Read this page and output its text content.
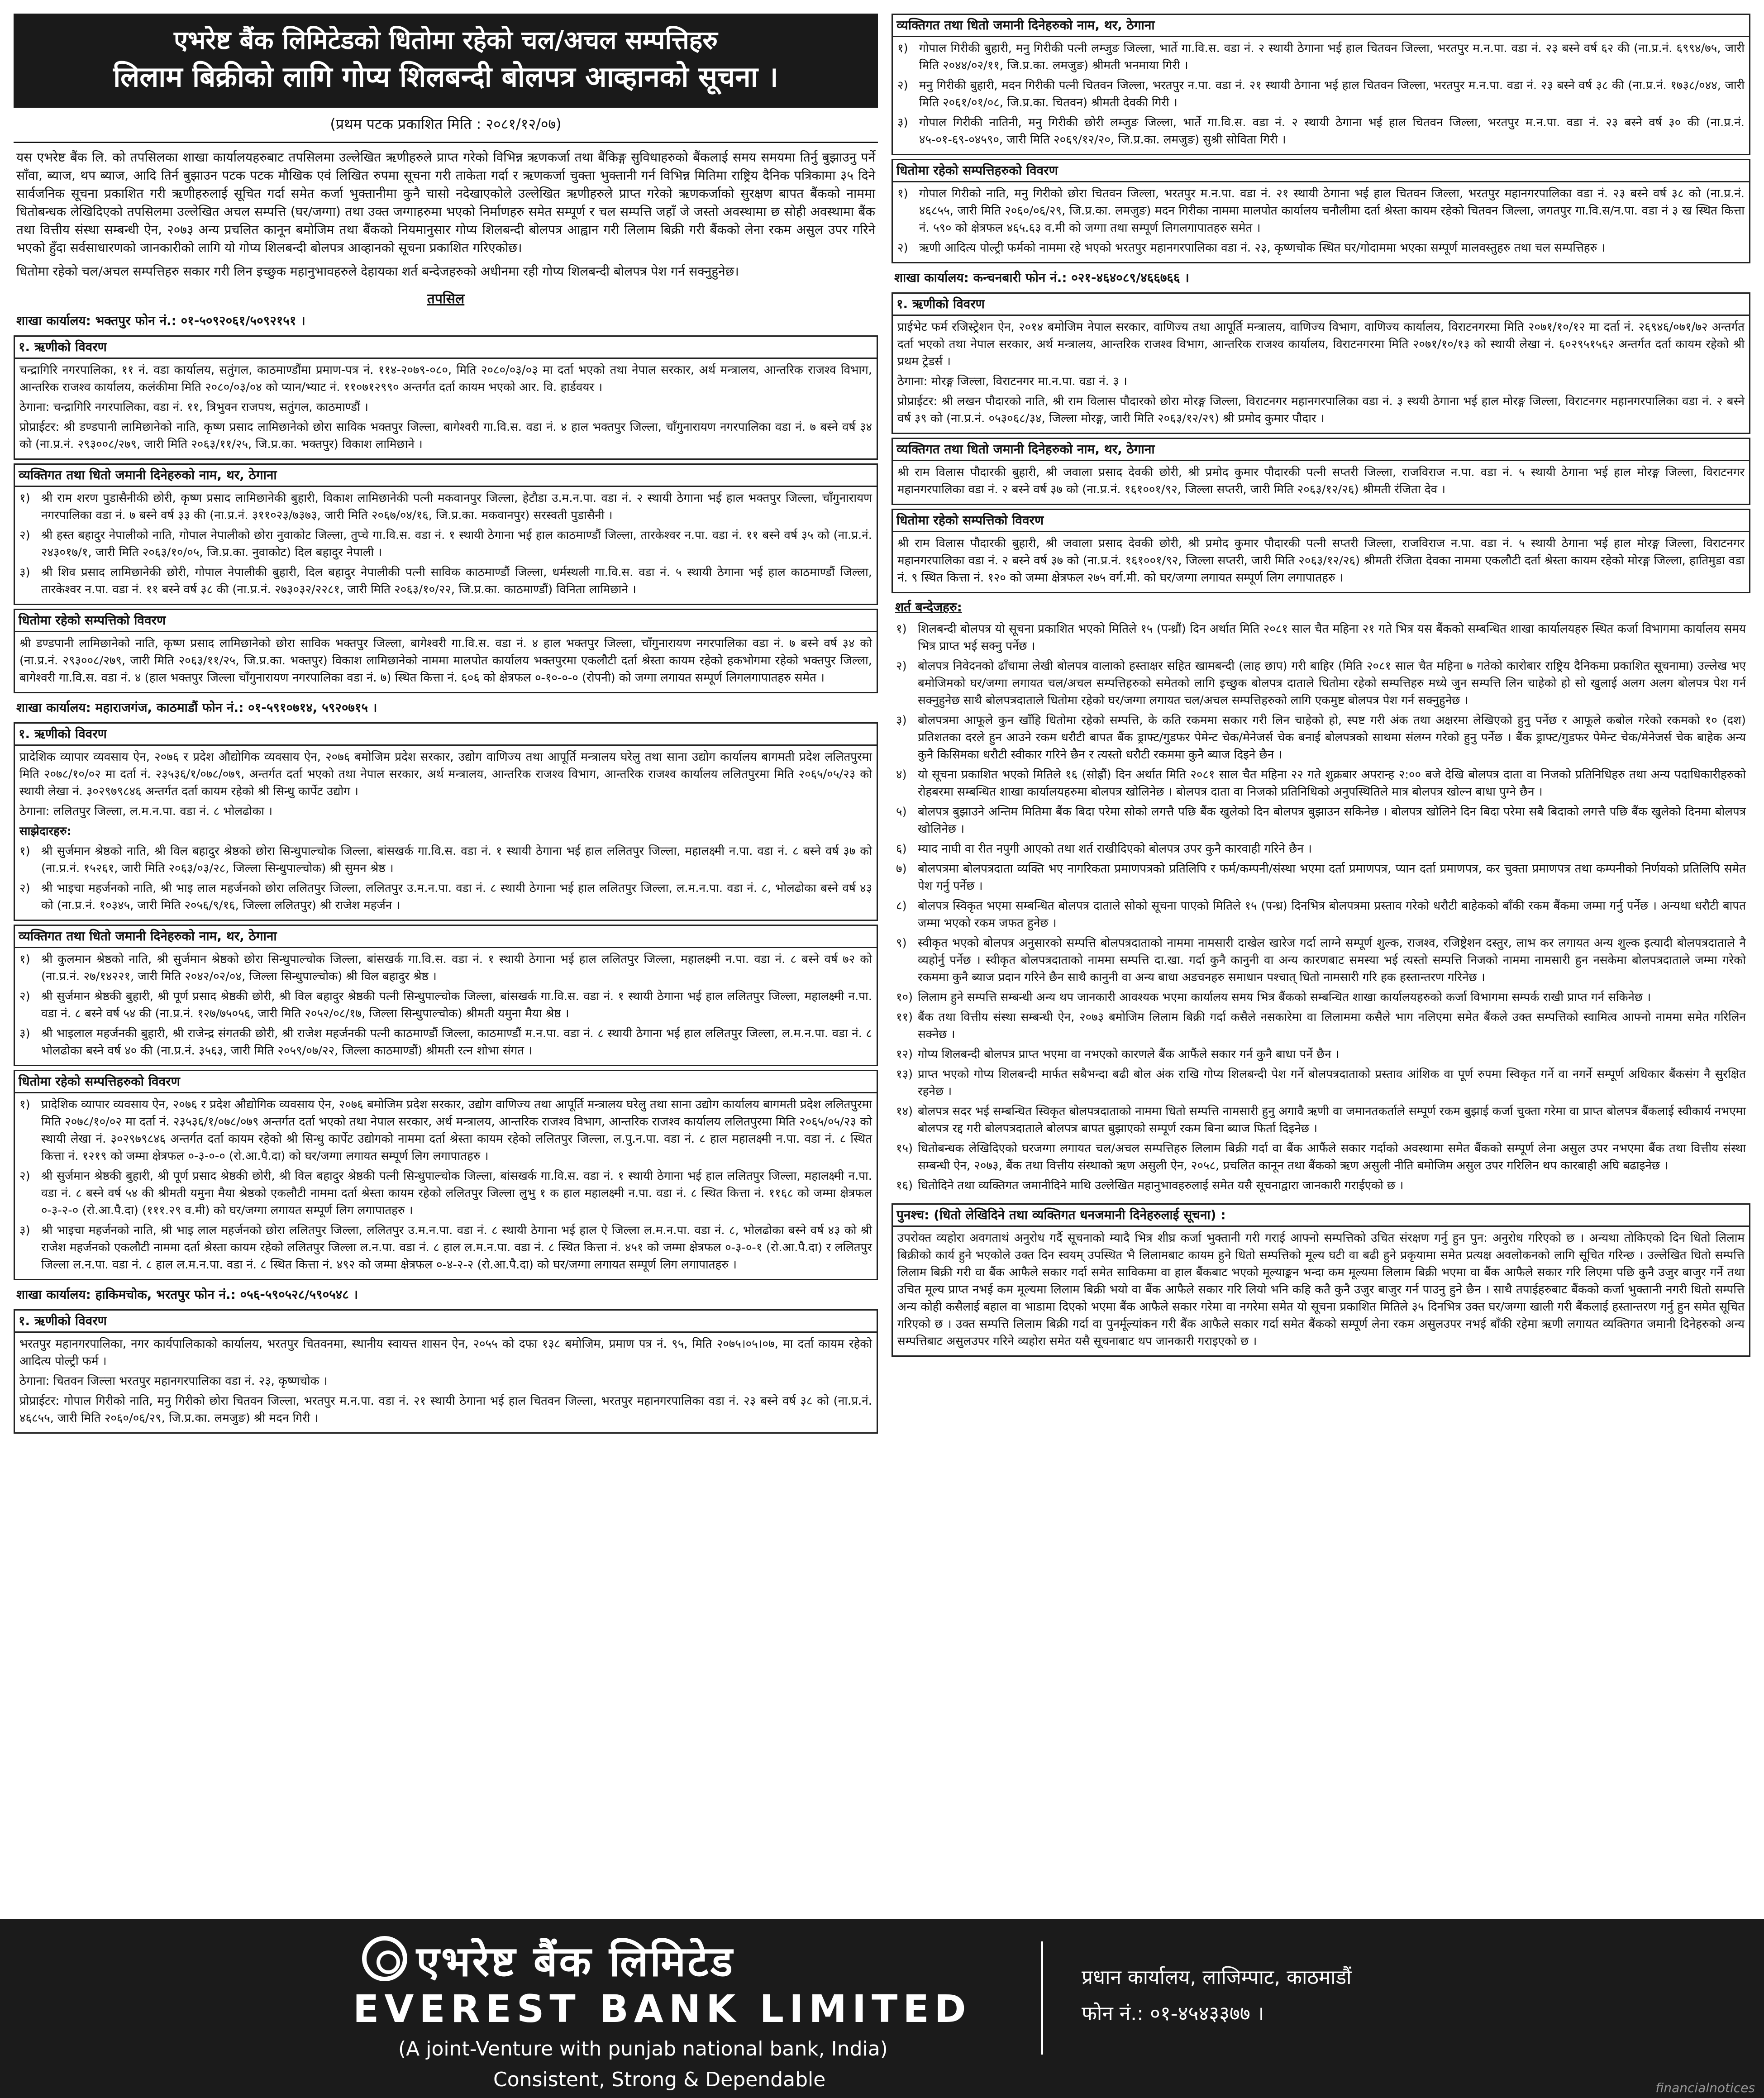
एभरेष्ट बैंक लिमिटेडको धितोमा रहेको चल/अचल सम्पत्तिहरु
लिलाम बिक्रीको लागि गोप्य शिलबन्दी बोलपत्र आव्हानको सूचना ।
(प्रथम पटक प्रकाशित मिति : २०८१/१२/०७)
यस एभरेष्ट बैंक लि. को तपसिलका शाखा कार्यालयहरुबाट तपसिलमा उल्लेखित ऋणीहरुले प्राप्त गरेको विभिन्न ऋणकर्जा तथा बैंकिङ्ग सुविधाहरुको बैंकलाई समय समयमा तिर्नु बुझाउनु पर्ने साँवा, ब्याज, थप ब्याज, आदि तिर्न बुझाउन पटक पटक मौखिक एवं लिखित रुपमा सूचना गरी ताकेता गर्दा र ऋणकर्जा चुक्ता भुक्तानी गर्न विभिन्न मितिमा राष्ट्रिय दैनिक पत्रिकामा ३५ दिने सार्वजनिक सूचना प्रकाशित गरी ऋणीहरुलाई सूचित गर्दा समेत कर्जा भुक्तानीमा कुनै चासो नदेखाएकोले उल्लेखित ऋणीहरुले प्राप्त गरेको ऋणकर्जाको सुरक्षण बापत बैंकको नाममा धितोबन्धक लेखिदिएको तपसिलमा उल्लेखित अचल सम्पत्ति (घर/जग्गा) तथा उक्त जग्गाहरुमा भएको निर्माणहरु समेत सम्पूर्ण र चल सम्पत्ति जहाँ जे जस्तो अवस्थामा छ सोही अवस्थामा बैंक तथा वित्तीय संस्था सम्बन्धी ऐन, २०७३ अन्य प्रचलित कानून बमोजिम तथा बैंकको नियमानुसार गोप्य शिलबन्दी बोलपत्र आह्वान गरी लिलाम बिक्री गरी बैंकको लेना रकम असुल उपर गरिने भएको हुँदा सर्वसाधारणको जानकारीको लागि यो गोप्य शिलबन्दी बोलपत्र आव्हानको सूचना प्रकाशित गरिएकोछ।
धितोमा रहेको चल/अचल सम्पत्तिहरु सकार गरी लिन इच्छुक महानुभावहरुले देहायका शर्त बन्देजहरुको अधीनमा रही गोप्य शिलबन्दी बोलपत्र पेश गर्न सक्नुहुनेछ।
तपसिल
शाखा कार्यालय: भक्तपुर फोन नं.: ०१-५०९२०६१/५०९२१५१ ।
१. ऋणीको विवरण

चन्द्रागिरि नगरपालिका, ११ नं. वडा कार्यालय, सतुंगल, काठमाण्डौंमा प्रमाण-पत्र नं. ११४-२०७९-०८०, मिति २०८०/०३/०३ मा दर्ता भएको तथा नेपाल सरकार, अर्थ मन्त्रालय, आन्तरिक राजश्व विभाग, आन्तरिक राजश्व कार्यालय, कलंकीमा मिति २०८०/०३/०४ को प्यान/भ्याट नं. ११०७१२९९० अन्तर्गत दर्ता कायम भएको आर. वि. हार्डवयर ।

ठेगाना: चन्द्रागिरि नगरपालिका, वडा नं. ११, त्रिभुवन राजपथ, सतुंगल, काठमाण्डौं ।

प्रोप्राईटर: श्री डण्डपानी लामिछानेको नाति, कृष्ण प्रसाद लामिछानेको छोरा साविक भक्तपुर जिल्ला, बागेश्वरी गा.वि.स. वडा नं. ४ हाल भक्तपुर जिल्ला, चाँगुनारायण नगरपालिका वडा नं. ७ बस्ने वर्ष ३४ को (ना.प्र.नं. २९३००८/२७९, जारी मिति २०६३/११/२५, जि.प्र.का. भक्तपुर) विकाश लामिछाने ।

व्यक्तिगत तथा धितो जमानी दिनेहरुको नाम, थर, ठेगाना
१) श्री राम शरण पुडासैनीकी छोरी, कृष्ण प्रसाद लामिछानेकी बुहारी, विकाश लामिछानेकी पत्नी मकवानपुर जिल्ला, हेटौडा उ.म.न.पा. वडा नं. २ स्थायी ठेगाना भई हाल भक्तपुर जिल्ला, चाँगुनारायण नगरपालिका वडा नं. ७ बस्ने वर्ष ३३ की (ना.प्र.नं. ३११०२३/७३७३, जारी मिति २०६७/०४/१६, जि.प्र.का. मकवानपुर) सरस्वती पुडासैनी ।
२) श्री हस्त बहादुर नेपालीको नाति, गोपाल नेपालीको छोरा नुवाकोट जिल्ला, तुप्चे गा.वि.स. वडा नं. १ स्थायी ठेगाना भई हाल काठमाण्डौं जिल्ला, तारकेश्वर न.पा. वडा नं. ११ बस्ने वर्ष ३५ को (ना.प्र.नं. २४३०१७/१, जारी मिति २०६३/१०/०५, जि.प्र.का. नुवाकोट) दिल बहादुर नेपाली ।
३) श्री शिव प्रसाद लामिछानेकी छोरी, गोपाल नेपालीकी बुहारी, दिल बहादुर नेपालीकी पत्नी साविक काठमाण्डौं जिल्ला, धर्मस्थली गा.वि.स. वडा नं. ५ स्थायी ठेगाना भई हाल काठमाण्डौं जिल्ला, तारकेश्वर न.पा. वडा नं. ११ बस्ने वर्ष ३८ की (ना.प्र.नं. २७३०३२/२२८१, जारी मिति २०६३/१०/२२, जि.प्र.का. काठमाण्डौं) विनिता लामिछाने ।
धितोमा रहेको सम्पत्तिको विवरण

श्री डण्डपानी लामिछानेको नाति, कृष्ण प्रसाद लामिछानेको छोरा साविक भक्तपुर जिल्ला, बागेश्वरी गा.वि.स. वडा नं. ४ हाल भक्तपुर जिल्ला, चाँगुनारायण नगरपालिका वडा नं. ७ बस्ने वर्ष ३४ को (ना.प्र.नं. २९३००८/२७९, जारी मिति २०६३/११/२५, जि.प्र.का. भक्तपुर) विकाश लामिछानेको नाममा मालपोत कार्यालय भक्तपुरमा एकलौटी दर्ता श्रेस्ता कायम रहेको हकभोगमा रहेको भक्तपुर जिल्ला, बागेश्वरी गा.वि.स. वडा नं. ४ (हाल भक्तपुर जिल्ला चाँगुनारायण नगरपालिका वडा नं. ७) स्थित कित्ता नं. ६०६ को क्षेत्रफल ०-१०-०-० (रोपनी) को जग्गा लगायत सम्पूर्ण लिगलगापातहरु समेत ।

शाखा कार्यालय: महाराजगंज, काठमाडौं फोन नं.: ०१-५९१०७१४, ५९२०७१५ ।
१. ऋणीको विवरण

प्रादेशिक व्यापार व्यवसाय ऐन, २०७६ र प्रदेश औद्योगिक व्यवसाय ऐन, २०७६ बमोजिम प्रदेश सरकार, उद्योग वाणिज्य तथा आपूर्ति मन्त्रालय घरेलु तथा साना उद्योग कार्यालय बागमती प्रदेश ललितपुरमा मिति २०७८/१०/०२ मा दर्ता नं. २३५३६/१/०७८/०७९, अन्तर्गत दर्ता भएको तथा नेपाल सरकार, अर्थ मन्त्रालय, आन्तरिक राजश्व विभाग, आन्तरिक राजश्व कार्यालय ललितपुरमा मिति २०६५/०५/२३ को स्थायी लेखा नं. ३०२९७९८४६ अन्तर्गत दर्ता कायम रहेको श्री सिन्धु कार्पेट उद्योग ।

ठेगाना: ललितपुर जिल्ला, ल.म.न.पा. वडा नं. ८ भोलढोका ।

साझेदारहरु:

१) श्री सुर्जमान श्रेष्ठको नाति, श्री विल बहादुर श्रेष्ठको छोरा सिन्धुपाल्चोक जिल्ला, बांसखर्क गा.वि.स. वडा नं. १ स्थायी ठेगाना भई हाल ललितपुर जिल्ला, महालक्ष्मी न.पा. वडा नं. ८ बस्ने वर्ष ३७ को (ना.प्र.नं. १५२६१, जारी मिति २०६३/०३/२८, जिल्ला सिन्धुपाल्चोक) श्री सुमन श्रेष्ठ ।
२) श्री भाइचा महर्जनको नाति, श्री भाइ लाल महर्जनको छोरा ललितपुर जिल्ला, ललितपुर उ.म.न.पा. वडा नं. ८ स्थायी ठेगाना भई हाल ललितपुर जिल्ला, ल.म.न.पा. वडा नं. ८, भोलढोका बस्ने वर्ष ४३ को (ना.प्र.नं. १०३४५, जारी मिति २०५६/९/१६, जिल्ला ललितपुर) श्री राजेश महर्जन ।
व्यक्तिगत तथा धितो जमानी दिनेहरुको नाम, थर, ठेगाना
१) श्री कुलमान श्रेष्ठको नाति, श्री सुर्जमान श्रेष्ठको छोरा सिन्धुपाल्चोक जिल्ला, बांसखर्क गा.वि.स. वडा नं. १ स्थायी ठेगाना भई हाल ललितपुर जिल्ला, महालक्ष्मी न.पा. वडा नं. ८ बस्ने वर्ष ७२ को (ना.प्र.नं. २७/१४२२१, जारी मिति २०४२/०२/०४, जिल्ला सिन्धुपाल्चोक) श्री विल बहादुर श्रेष्ठ ।
२) श्री सुर्जमान श्रेष्ठकी बुहारी, श्री पूर्ण प्रसाद श्रेष्ठकी छोरी, श्री विल बहादुर श्रेष्ठकी पत्नी सिन्धुपाल्चोक जिल्ला, बांसखर्क गा.वि.स. वडा नं. १ स्थायी ठेगाना भई हाल ललितपुर जिल्ला, महालक्ष्मी न.पा. वडा नं. ८ बस्ने वर्ष ५४ की (ना.प्र.नं. १२७/७५०५६, जारी मिति २०५२/०८/१७, जिल्ला सिन्धुपाल्चोक) श्रीमती यमुना मैया श्रेष्ठ ।
३) श्री भाइलाल महर्जनकी बुहारी, श्री राजेन्द्र संगतकी छोरी, श्री राजेश महर्जनकी पत्नी काठमाण्डौं जिल्ला, काठमाण्डौं म.न.पा. वडा नं. ८ स्थायी ठेगाना भई हाल ललितपुर जिल्ला, ल.म.न.पा. वडा नं. ८ भोलढोका बस्ने वर्ष ४० की (ना.प्र.नं. ३५६३, जारी मिति २०५९/०७/२२, जिल्ला काठमाण्डौं) श्रीमती रत्न शोभा संगत ।
धितोमा रहेको सम्पत्तिहरुको विवरण
१) प्रादेशिक व्यापार व्यवसाय ऐन, २०७६ र प्रदेश औद्योगिक व्यवसाय ऐन, २०७६ बमोजिम प्रदेश सरकार, उद्योग वाणिज्य तथा आपूर्ति मन्त्रालय घरेलु तथा साना उद्योग कार्यालय बागमती प्रदेश ललितपुरमा मिति २०७८/१०/०२ मा दर्ता नं. २३५३६/१/०७८/०७९ अन्तर्गत दर्ता भएको तथा नेपाल सरकार, अर्थ मन्त्रालय, आन्तरिक राजश्व विभाग, आन्तरिक राजश्व कार्यालय ललितपुरमा मिति २०६५/०५/२३ को स्थायी लेखा नं. ३०२९७९८४६ अन्तर्गत दर्ता कायम रहेको श्री सिन्धु कार्पेट उद्योगको नाममा दर्ता श्रेस्ता कायम रहेको ललितपुर जिल्ला, ल.पु.न.पा. वडा नं. ८ हाल महालक्ष्मी न.पा. वडा नं. ८ स्थित कित्ता नं. १२१९ को जम्मा क्षेत्रफल ०-३-०-० (रो.आ.पै.दा) को घर/जग्गा लगायत सम्पूर्ण लिग लगापातहरु ।
२) श्री सुर्जमान श्रेष्ठकी बुहारी, श्री पूर्ण प्रसाद श्रेष्ठकी छोरी, श्री विल बहादुर श्रेष्ठकी पत्नी सिन्धुपाल्चोक जिल्ला, बांसखर्क गा.वि.स. वडा नं. १ स्थायी ठेगाना भई हाल ललितपुर जिल्ला, महालक्ष्मी न.पा. वडा नं. ८ बस्ने वर्ष ५४ की श्रीमती यमुना मैया श्रेष्ठको एकलौटी नाममा दर्ता श्रेस्ता कायम रहेको ललितपुर जिल्ला लुभु १ क हाल महालक्ष्मी न.पा. वडा नं. ८ स्थित कित्ता नं. ११६८ को जम्मा क्षेत्रफल ०-३-२-० (रो.आ.पै.दा) (१११.२९ व.मी) को घर/जग्गा लगायत सम्पूर्ण लिग लगापातहरु ।
३) श्री भाइचा महर्जनको नाति, श्री भाइ लाल महर्जनको छोरा ललितपुर जिल्ला, ललितपुर उ.म.न.पा. वडा नं. ८ स्थायी ठेगाना भई हाल ऐ जिल्ला ल.म.न.पा. वडा नं. ८, भोलढोका बस्ने वर्ष ४३ को श्री राजेश महर्जनको एकलौटी नाममा दर्ता श्रेस्ता कायम रहेको ललितपुर जिल्ला ल.न.पा. वडा नं. ८ हाल ल.म.न.पा. वडा नं. ८ स्थित कित्ता नं. ४५१ को जम्मा क्षेत्रफल ०-३-०-१ (रो.आ.पै.दा) र ललितपुर जिल्ला ल.न.पा. वडा नं. ८ हाल ल.म.न.पा. वडा नं. ८ स्थित कित्ता नं. ४९२ को जम्मा क्षेत्रफल ०-४-२-२ (रो.आ.पै.दा) को घर/जग्गा लगायत सम्पूर्ण लिग लगापातहरु ।
शाखा कार्यालय: हाकिमचोक, भरतपुर फोन नं.: ०५६-५९०५२८/५९०५४८ ।
१. ऋणीको विवरण

भरतपुर महानगरपालिका, नगर कार्यपालिकाको कार्यालय, भरतपुर चितवनमा, स्थानीय स्वायत्त शासन ऐन, २०५५ को दफा १३८ बमोजिम, प्रमाण पत्र नं. ९५, मिति २०७५।०५।०७, मा दर्ता कायम रहेको आदित्य पोल्ट्री फर्म ।

ठेगाना: चितवन जिल्ला भरतपुर महानगरपालिका वडा नं. २३, कृष्णचोक ।

प्रोप्राईटर: गोपाल गिरीको नाति, मनु गिरीको छोरा चितवन जिल्ला, भरतपुर म.न.पा. वडा नं. २१ स्थायी ठेगाना भई हाल चितवन जिल्ला, भरतपुर महानगरपालिका वडा नं. २३ बस्ने वर्ष ३८ को (ना.प्र.नं. ४६८५५, जारी मिति २०६०/०६/२९, जि.प्र.का. लमजुङ) श्री मदन गिरी ।

व्यक्तिगत तथा धितो जमानी दिनेहरुको नाम, थर, ठेगाना
१) गोपाल गिरीकी बुहारी, मनु गिरीकी पत्नी लम्जुङ जिल्ला, भार्ते गा.वि.स. वडा नं. २ स्थायी ठेगाना भई हाल चितवन जिल्ला, भरतपुर म.न.पा. वडा नं. २३ बस्ने वर्ष ६२ की (ना.प्र.नं. ६९९४/७५, जारी मिति २०४४/०२/११, जि.प्र.का. लमजुङ) श्रीमती भनमाया गिरी ।
२) मनु गिरीकी बुहारी, मदन गिरीकी पत्नी चितवन जिल्ला, भरतपुर न.पा. वडा नं. २१ स्थायी ठेगाना भई हाल चितवन जिल्ला, भरतपुर म.न.पा. वडा नं. २३ बस्ने वर्ष ३८ की (ना.प्र.नं. १७३८/०४४, जारी मिति २०६१/०१/०८, जि.प्र.का. चितवन) श्रीमती देवकी गिरी ।
३) गोपाल गिरीकी नातिनी, मनु गिरीकी छोरी लम्जुङ जिल्ला, भार्ते गा.वि.स. वडा नं. २ स्थायी ठेगाना भई हाल चितवन जिल्ला, भरतपुर म.न.पा. वडा नं. २३ बस्ने वर्ष ३० की (ना.प्र.नं. ४५-०१-६९-०४५९०, जारी मिति २०६९/१२/२०, जि.प्र.का. लमजुङ) सुश्री सोविता गिरी ।
धितोमा रहेको सम्पत्तिहरुको विवरण
१) गोपाल गिरीको नाति, मनु गिरीको छोरा चितवन जिल्ला, भरतपुर म.न.पा. वडा नं. २१ स्थायी ठेगाना भई हाल चितवन जिल्ला, भरतपुर महानगरपालिका वडा नं. २३ बस्ने वर्ष ३८ को (ना.प्र.नं. ४६८५५, जारी मिति २०६०/०६/२९, जि.प्र.का. लमजुङ) मदन गिरीका नाममा मालपोत कार्यालय चनौलीमा दर्ता श्रेस्ता कायम रहेको चितवन जिल्ला, जगतपुर गा.वि.स/न.पा. वडा नं ३ ख स्थित कित्ता नं. ५९० को क्षेत्रफल ४६५.६३ व.मी को जग्गा तथा सम्पूर्ण लिगलगापातहरु समेत ।
२) ऋणी आदित्य पोल्ट्री फर्मको नाममा रहे भएको भरतपुर महानगरपालिका वडा नं. २३, कृष्णचोक स्थित घर/गोदाममा भएका सम्पूर्ण मालवस्तुहरु तथा चल सम्पत्तिहरु ।
शाखा कार्यालय: कन्चनबारी फोन नं.: ०२१-४६४०८९/४६६७६६ ।
१. ऋणीको विवरण

प्राईभेट फर्म रजिस्ट्रेशन ऐन, २०१४ बमोजिम नेपाल सरकार, वाणिज्य तथा आपूर्ति मन्त्रालय, वाणिज्य विभाग, वाणिज्य कार्यालय, विराटनगरमा मिति २०७१/१०/१२ मा दर्ता नं. २६९४६/०७१/७२ अन्तर्गत दर्ता भएको तथा नेपाल सरकार, अर्थ मन्त्रालय, आन्तरिक राजश्व विभाग, आन्तरिक राजश्व कार्यालय, विराटनगरमा मिति २०७१/१०/१३ को स्थायी लेखा नं. ६०२९५१५६२ अन्तर्गत दर्ता कायम रहेको श्री प्रथम ट्रेडर्स ।

ठेगाना: मोरङ्ग जिल्ला, विराटनगर मा.न.पा. वडा नं. ३ ।

प्रोप्राईटर: श्री लखन पौदारको नाति, श्री राम विलास पौदारको छोरा मोरङ्ग जिल्ला, विराटनगर महानगरपालिका वडा नं. ३ स्थयी ठेगाना भई हाल मोरङ्ग जिल्ला, विराटनगर महानगरपालिका वडा नं. २ बस्ने वर्ष ३९ को (ना.प्र.नं. ०५३०६८/३४, जिल्ला मोरङ्ग, जारी मिति २०६३/१२/२९) श्री प्रमोद कुमार पौदार ।

व्यक्तिगत तथा धितो जमानी दिनेहरुको नाम, थर, ठेगाना

श्री राम विलास पौदारकी बुहारी, श्री जवाला प्रसाद देवकी छोरी, श्री प्रमोद कुमार पौदारकी पत्नी सप्तरी जिल्ला, राजविराज न.पा. वडा नं. ५ स्थायी ठेगाना भई हाल मोरङ्ग जिल्ला, विराटनगर महानगरपालिका वडा नं. २ बस्ने वर्ष ३७ को (ना.प्र.नं. १६१००१/९२, जिल्ला सप्तरी, जारी मिति २०६३/१२/२६) श्रीमती रंजिता देव ।

धितोमा रहेको सम्पत्तिको विवरण

श्री राम विलास पौदारकी बुहारी, श्री जवाला प्रसाद देवकी छोरी, श्री प्रमोद कुमार पौदारकी पत्नी सप्तरी जिल्ला, राजविराज न.पा. वडा नं. ५ स्थायी ठेगाना भई हाल मोरङ्ग जिल्ला, विराटनगर महानगरपालिका वडा नं. २ बस्ने वर्ष ३७ को (ना.प्र.नं. १६१००१/९२, जिल्ला सप्तरी, जारी मिति २०६३/१२/२६) श्रीमती रंजिता देवका नाममा एकलौटी दर्ता श्रेस्ता कायम रहेको मोरङ्ग जिल्ला, हातिमुडा वडा नं. ९ स्थित कित्ता नं. १२० को जम्मा क्षेत्रफल २७५ वर्ग.मी. को घर/जग्गा लगायत सम्पूर्ण लिग लगापातहरु ।

शर्त बन्देजहरु:
१) शिलबन्दी बोलपत्र यो सूचना प्रकाशित भएको मितिले १५ (पन्ध्रौं) दिन अर्थात मिति २०८१ साल चैत महिना २१ गते भित्र यस बैंकको सम्बन्धित शाखा कार्यालयहरु स्थित कर्जा विभागमा कार्यालय समय भित्र प्राप्त भई सक्नु पर्नेछ ।
२) बोलपत्र निवेदनको ढाँचामा लेखी बोलपत्र वालाको हस्ताक्षर सहित खामबन्दी (लाह छाप) गरी बाहिर (मिति २०८१ साल चैत महिना ७ गतेको कारोबार राष्ट्रिय दैनिकमा प्रकाशित सूचनामा) उल्लेख भए बमोजिमको घर/जग्गा लगायत चल/अचल सम्पत्तिहरुको समेतको लागि इच्छुक बोलपत्र दाताले धितोमा रहेको सम्पत्तिहरु मध्ये जुन सम्पत्ति लिन चाहेको हो सो खुलाई अलग अलग बोलपत्र पेश गर्न सक्नुहुनेछ साथै बोलपत्रदाताले धितोमा रहेको घर/जग्गा लगायत चल/अचल सम्पत्तिहरुको लागि एकमुष्ट बोलपत्र पेश गर्न सक्नुहुनेछ ।
३) बोलपत्रमा आफूले कुन खाँहि धितोमा रहेको सम्पत्ति, के कति रकममा सकार गरी लिन चाहेको हो, स्पष्ट गरी अंक तथा अक्षरमा लेखिएको हुनु पर्नेछ र आफूले कबोल गरेको रकमको १० (दश) प्रतिशतका दरले हुन आउने रकम धरौटी बापत बैंक ड्राफ्ट/गुडफर पेमेन्ट चेक/मेनेजर्स चेक बनाई बोलपत्रको साथमा संलग्न गरेको हुनु पर्नेछ । बैंक ड्राफ्ट/गुडफर पेमेन्ट चेक/मेनेजर्स चेक बाहेक अन्य कुनै किसिमका धरौटी स्वीकार गरिने छैन र त्यस्तो धरौटी रकममा कुनै ब्याज दिइने छैन ।
४) यो सूचना प्रकाशित भएको मितिले १६ (सोह्रौं) दिन अर्थात मिति २०८१ साल चैत महिना २२ गते शुक्रबार अपरान्ह २:०० बजे देखि बोलपत्र दाता वा निजको प्रतिनिधिहरु तथा अन्य पदाधिकारीहरुको रोहबरमा सम्बन्धित शाखा कार्यालयहरुमा बोलपत्र खोलिनेछ । बोलपत्र दाता वा निजको प्रतिनिधिको अनुपस्थितिले मात्र बोलपत्र खोल्न बाधा पुग्ने छैन ।
५) बोलपत्र बुझाउने अन्तिम मितिमा बैंक बिदा परेमा सोको लगत्तै पछि बैंक खुलेको दिन बोलपत्र बुझाउन सकिनेछ । बोलपत्र खोलिने दिन बिदा परेमा सबै बिदाको लगत्तै पछि बैंक खुलेको दिनमा बोलपत्र खोलिनेछ ।
६) म्याद नाघी वा रीत नपुगी आएको तथा शर्त राखीदिएको बोलपत्र उपर कुनै कारवाही गरिने छैन ।
७) बोलपत्रमा बोलपत्रदाता व्यक्ति भए नागरिकता प्रमाणपत्रको प्रतिलिपि र फर्म/कम्पनी/संस्था भएमा दर्ता प्रमाणपत्र, प्यान दर्ता प्रमाणपत्र, कर चुक्ता प्रमाणपत्र तथा कम्पनीको निर्णयको प्रतिलिपि समेत पेश गर्नु पर्नेछ ।
८) बोलपत्र स्विकृत भएमा सम्बन्धित बोलपत्र दाताले सोको सूचना पाएको मितिले १५ (पन्ध्र) दिनभित्र बोलपत्रमा प्रस्ताव गरेको धरौटी बाहेकको बाँकी रकम बैंकमा जम्मा गर्नु पर्नेछ । अन्यथा धरौटी बापत जम्मा भएको रकम जफत हुनेछ ।
९) स्वीकृत भएको बोलपत्र अनुसारको सम्पत्ति बोलपत्रदाताको नाममा नामसारी दाखेल खारेज गर्दा लाग्ने सम्पूर्ण शुल्क, राजश्व, रजिष्ट्रेशन दस्तुर, लाभ कर लगायत अन्य शुल्क इत्यादी बोलपत्रदाताले नै व्यहोर्नु पर्नेछ । स्वीकृत बोलपत्रदाताको नाममा सम्पत्ति दा.खा. गर्दा कुनै कानुनी वा अन्य कारणबाट समस्या भई त्यस्तो सम्पत्ति निजको नाममा नामसारी हुन नसकेमा बोलपत्रदाताले जम्मा गरेको रकममा कुनै ब्याज प्रदान गरिने छैन साथै कानुनी वा अन्य बाधा अडचनहरु समाधान पश्चात् धितो नामसारी गरि हक हस्तान्तरण गरिनेछ ।
१०) लिलाम हुने सम्पत्ति सम्बन्धी अन्य थप जानकारी आवश्यक भएमा कार्यालय समय भित्र बैंकको सम्बन्धित शाखा कार्यालयहरुको कर्जा विभागमा सम्पर्क राखी प्राप्त गर्न सकिनेछ ।
११) बैंक तथा वित्तीय संस्था सम्बन्धी ऐन, २०७३ बमोजिम लिलाम बिक्री गर्दा कसैले नसकारेमा वा लिलाममा कसैले भाग नलिएमा समेत बैंकले उक्त सम्पत्तिको स्वामित्व आफ्नो नाममा समेत गरिलिन सक्नेछ ।
१२) गोप्य शिलबन्दी बोलपत्र प्राप्त भएमा वा नभएको कारणले बैंक आफैंले सकार गर्न कुनै बाधा पर्ने छैन ।
१३) प्राप्त भएको गोप्य शिलबन्दी मार्फत सबैभन्दा बढी बोल अंक राखि गोप्य शिलबन्दी पेश गर्ने बोलपत्रदाताको प्रस्ताव आंशिक वा पूर्ण रुपमा स्विकृत गर्ने वा नगर्ने सम्पूर्ण अधिकार बैंकसंग नै सुरक्षित रहनेछ ।
१४) बोलपत्र सदर भई सम्बन्धित स्विकृत बोलपत्रदाताको नाममा धितो सम्पत्ति नामसारी हुनु अगावै ऋणी वा जमानतकर्ताले सम्पूर्ण रकम बुझाई कर्जा चुक्ता गरेमा वा प्राप्त बोलपत्र बैंकलाई स्वीकार्य नभएमा बोलपत्र रद्द गरी बोलपत्रदाताले बोलपत्र बापत बुझाएको सम्पूर्ण रकम बिना ब्याज फिर्ता दिइनेछ ।
१५) धितोबन्धक लेखिदिएको घरजग्गा लगायत चल/अचल सम्पत्तिहरु लिलाम बिक्री गर्दा वा बैंक आफैंले सकार गर्दाको अवस्थामा समेत बैंकको सम्पूर्ण लेना असुल उपर नभएमा बैंक तथा वित्तीय संस्था सम्बन्धी ऐन, २०७३, बैंक तथा वित्तीय संस्थाको ऋण असुली ऐन, २०५८, प्रचलित कानून तथा बैंकको ऋण असुली नीति बमोजिम असुल उपर गरिलिन थप कारबाही अघि बढाइनेछ ।
१६) धितोदिने तथा व्यक्तिगत जमानीदिने माथि उल्लेखित महानुभावहरुलाई समेत यसै सूचनाद्वारा जानकारी गराईएको छ ।
पुनश्च: (धितो लेखिदिने तथा व्यक्तिगत धनजमानी दिनेहरुलाई सूचना) :

उपरोक्त व्यहोरा अवगताथं अनुरोध गर्दै सूचनाको म्यादै भित्र शीघ्र कर्जा भुक्तानी गरी गराई आफ्नो सम्पत्तिको उचित संरक्षण गर्नु हुन पुन: अनुरोध गरिएको छ । अन्यथा तोकिएको दिन धितो लिलाम बिक्रीको कार्य हुने भएकोले उक्त दिन स्वयम् उपस्थित भै लिलामबाट कायम हुने धितो सम्पत्तिको मूल्य घटी वा बढी हुने प्रकृयामा समेत प्रत्यक्ष अवलोकनको लागि सूचित गरिन्छ । उल्लेखित धितो सम्पत्ति लिलाम बिक्री गरी वा बैंक आफैले सकार गर्दा समेत साविकमा वा हाल बैंकबाट भएको मूल्याङ्कन भन्दा कम मूल्यमा लिलाम बिक्री भएमा वा बैंक आफैले सकार गरि लिएमा पछि कुनै उजुर बाजुर गर्ने तथा उचित मूल्य प्राप्त नभई कम मूल्यमा लिलाम बिक्री भयो वा बैंक आफैले सकार गरि लियो भनि कहि कतै कुनै उजुर बाजुर गर्न पाउनु हुने छैन । साथै तपाईहरुबाट बैंकको कर्जा भुक्तानी नगरी धितो सम्पत्ति अन्य कोही कसैलाई बहाल वा भाडामा दिएको भएमा बैंक आफैले सकार गरेमा वा नगरेमा समेत यो सूचना प्रकाशित मितिले ३५ दिनभित्र उक्त घर/जग्गा खाली गरी बैंकलाई हस्तान्तरण गर्नु हुन समेत सूचित गरिएको छ । उक्त सम्पत्ति लिलाम बिक्री गर्दा वा पुनर्मूल्यांकन गरी बैंक आफैले सकार गर्दा समेत बैंकको सम्पूर्ण लेना रकम असुलउपर नभई बाँकी रहेमा ऋणी लगायत व्यक्तिगत जमानी दिनेहरुको अन्य सम्पत्तिबाट असुलउपर गरिने व्यहोरा समेत यसै सूचनाबाट थप जानकारी गराइएको छ ।

एभरेष्ट बैंक लिमिटेड
EVEREST BANK LIMITED
(A joint-Venture with punjab national bank, India)
Consistent, Strong & Dependable
प्रधान कार्यालय, लाजिम्पाट, काठमाडौं
फोन नं.: ०१-४५४३३७७ ।
financialnotices
